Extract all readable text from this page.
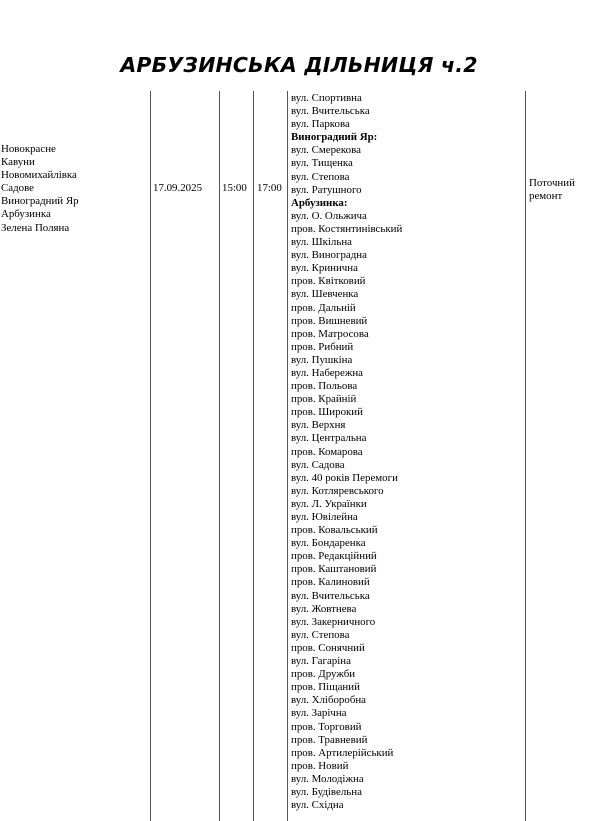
АРБУЗИНСЬКА ДІЛЬНИЦЯ ч.2
Новокрасне
Кавуни
Новомихайлівка
Садове
Виноградний Яр
Арбузинка
Зелена Поляна
17.09.2025 15:00 17:00	Поточний
ремонт
вул. Спортивна
вул. Вчительська
вул. Паркова
Виноградний Яр:
вул. Смерекова
вул. Тищенка
вул. Степова
вул. Ратушного
Арбузинка:
вул. О. Ольжича
пров. Костянтинівський
вул. Шкільна
вул. Виноградна
вул. Кринична
пров. Квітковий
вул. Шевченка
пров. Дальній
пров. Вишневий
пров. Матросова
пров. Рибний
вул. Пушкіна
вул. Набережна
пров. Польова
пров. Крайній
пров. Широкий
вул. Верхня
вул. Центральна
пров. Комарова
вул. Садова
вул. 40 років Перемоги
вул. Котляревського
вул. Л. Українки
вул. Ювілейна
пров. Ковальський
вул. Бондаренка
пров. Редакційний
пров. Каштановий
пров. Калиновий
вул. Вчительська
вул. Жовтнева
вул. Закерничного
вул. Степова
пров. Сонячний
вул. Гагаріна
пров. Дружби
пров. Піщаний
вул. Хліборобна
вул. Зарічна
пров. Торговий
пров. Травневий
пров. Артилерійський
пров. Новий
вул. Молодіжна
вул. Будівельна
вул. Східна
